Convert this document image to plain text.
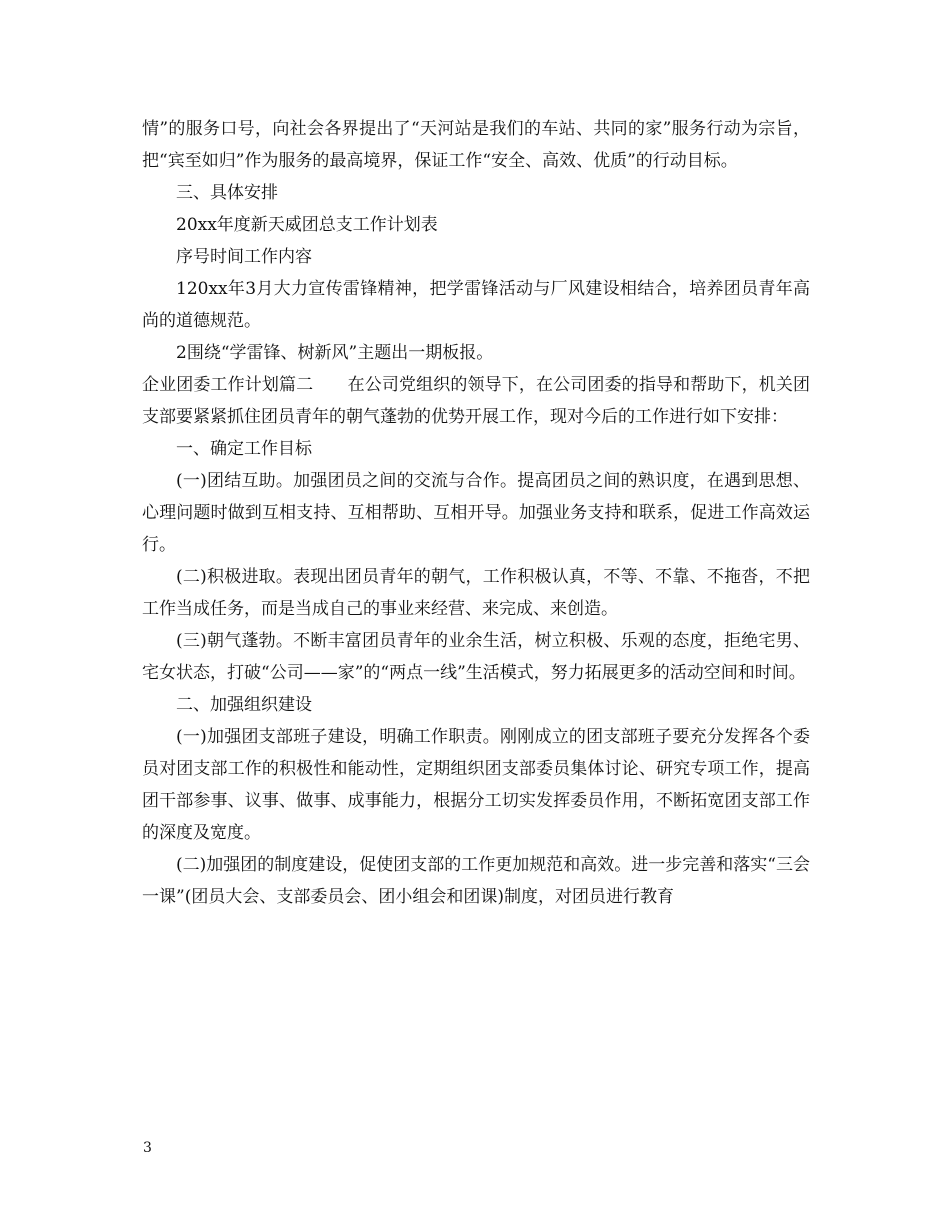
情”的服务口号，向社会各界提出了“天河站是我们的车站、共同的家”服务行动为宗旨，把“宾至如归”作为服务的最高境界，保证工作“安全、高效、优质”的行动目标。

三、具体安排

20xx年度新天威团总支工作计划表

序号时间工作内容

120xx年3月大力宣传雷锋精神，把学雷锋活动与厂风建设相结合，培养团员青年高尚的道德规范。

2围绕“学雷锋、树新风”主题出一期板报。

企业团委工作计划篇二　　在公司党组织的领导下，在公司团委的指导和帮助下，机关团支部要紧紧抓住团员青年的朝气蓬勃的优势开展工作，现对今后的工作进行如下安排：

一、确定工作目标

(一)团结互助。加强团员之间的交流与合作。提高团员之间的熟识度，在遇到思想、心理问题时做到互相支持、互相帮助、互相开导。加强业务支持和联系，促进工作高效运行。

(二)积极进取。表现出团员青年的朝气，工作积极认真，不等、不靠、不拖沓，不把工作当成任务，而是当成自己的事业来经营、来完成、来创造。

(三)朝气蓬勃。不断丰富团员青年的业余生活，树立积极、乐观的态度，拒绝宅男、宅女状态，打破“公司——家”的“两点一线”生活模式，努力拓展更多的活动空间和时间。

二、加强组织建设

(一)加强团支部班子建设，明确工作职责。刚刚成立的团支部班子要充分发挥各个委员对团支部工作的积极性和能动性，定期组织团支部委员集体讨论、研究专项工作，提高团干部参事、议事、做事、成事能力，根据分工切实发挥委员作用，不断拓宽团支部工作的深度及宽度。

(二)加强团的制度建设，促使团支部的工作更加规范和高效。进一步完善和落实“三会一课”(团员大会、支部委员会、团小组会和团课)制度，对团员进行教育

3
